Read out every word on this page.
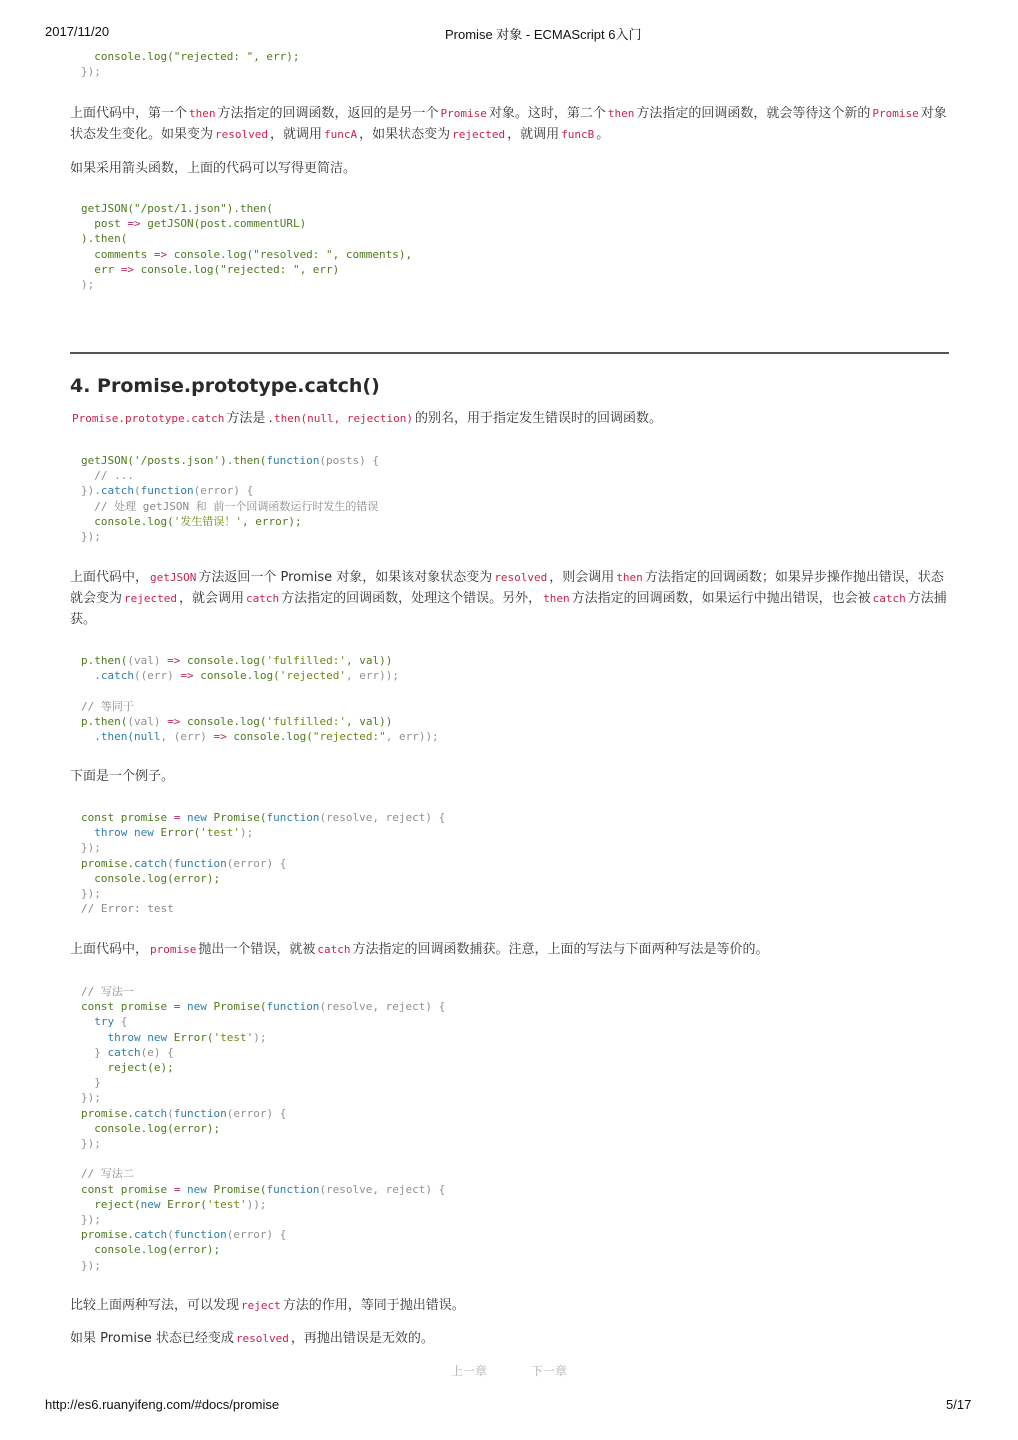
2017/11/20	Promise 对象 - ECMAScript 6入门
console.log("rejected: ", err);
});

上面代码中，第一个 then 方法指定的回调函数，返回的是另一个 Promise 对象。这时，第二个 then 方法指定的回调函数，就会等待这个新的 Promise 对象状态发生变化。如果变为 resolved ，就调用 funcA ，如果状态变为 rejected ，就调用 funcB 。

如果采用箭头函数，上面的代码可以写得更简洁。

getJSON("/post/1.json").then(
post => getJSON(post.commentURL)
).then(
comments => console.log("resolved: ", comments),
err => console.log("rejected: ", err)
);
4. Promise.prototype.catch()

Promise.prototype.catch 方法是 .then(null, rejection) 的别名，用于指定发生错误时的回调函数。

getJSON('/posts.json').then(function(posts) {
// ...
}).catch(function(error) {
// 处理 getJSON 和 前一个回调函数运行时发生的错误
console.log('发生错误！', error);
});

上面代码中， getJSON 方法返回一个 Promise 对象，如果该对象状态变为 resolved ，则会调用 then 方法指定的回调函数；如果异步操作抛出错误，状态就会变为 rejected ，就会调用 catch 方法指定的回调函数，处理这个错误。另外， then 方法指定的回调函数，如果运行中抛出错误，也会被 catch 方法捕获。

p.then((val) => console.log('fulfilled:', val))
.catch((err) => console.log('rejected', err));

// 等同于
p.then((val) => console.log('fulfilled:', val))
.then(null, (err) => console.log("rejected:", err));

下面是一个例子。

const promise = new Promise(function(resolve, reject) {
throw new Error('test');
});
promise.catch(function(error) {
console.log(error);
});
// Error: test

上面代码中， promise 抛出一个错误，就被 catch 方法指定的回调函数捕获。注意，上面的写法与下面两种写法是等价的。

// 写法一
const promise = new Promise(function(resolve, reject) {
try {
throw new Error('test');
} catch(e) {
reject(e);
}
});
promise.catch(function(error) {
console.log(error);
});

// 写法二
const promise = new Promise(function(resolve, reject) {
reject(new Error('test'));
});
promise.catch(function(error) {
console.log(error);
});

比较上面两种写法，可以发现 reject 方法的作用，等同于抛出错误。

如果 Promise 状态已经变成 resolved ，再抛出错误是无效的。

上一章	下一章
http://es6.ruanyifeng.com/#docs/promise	5/17
